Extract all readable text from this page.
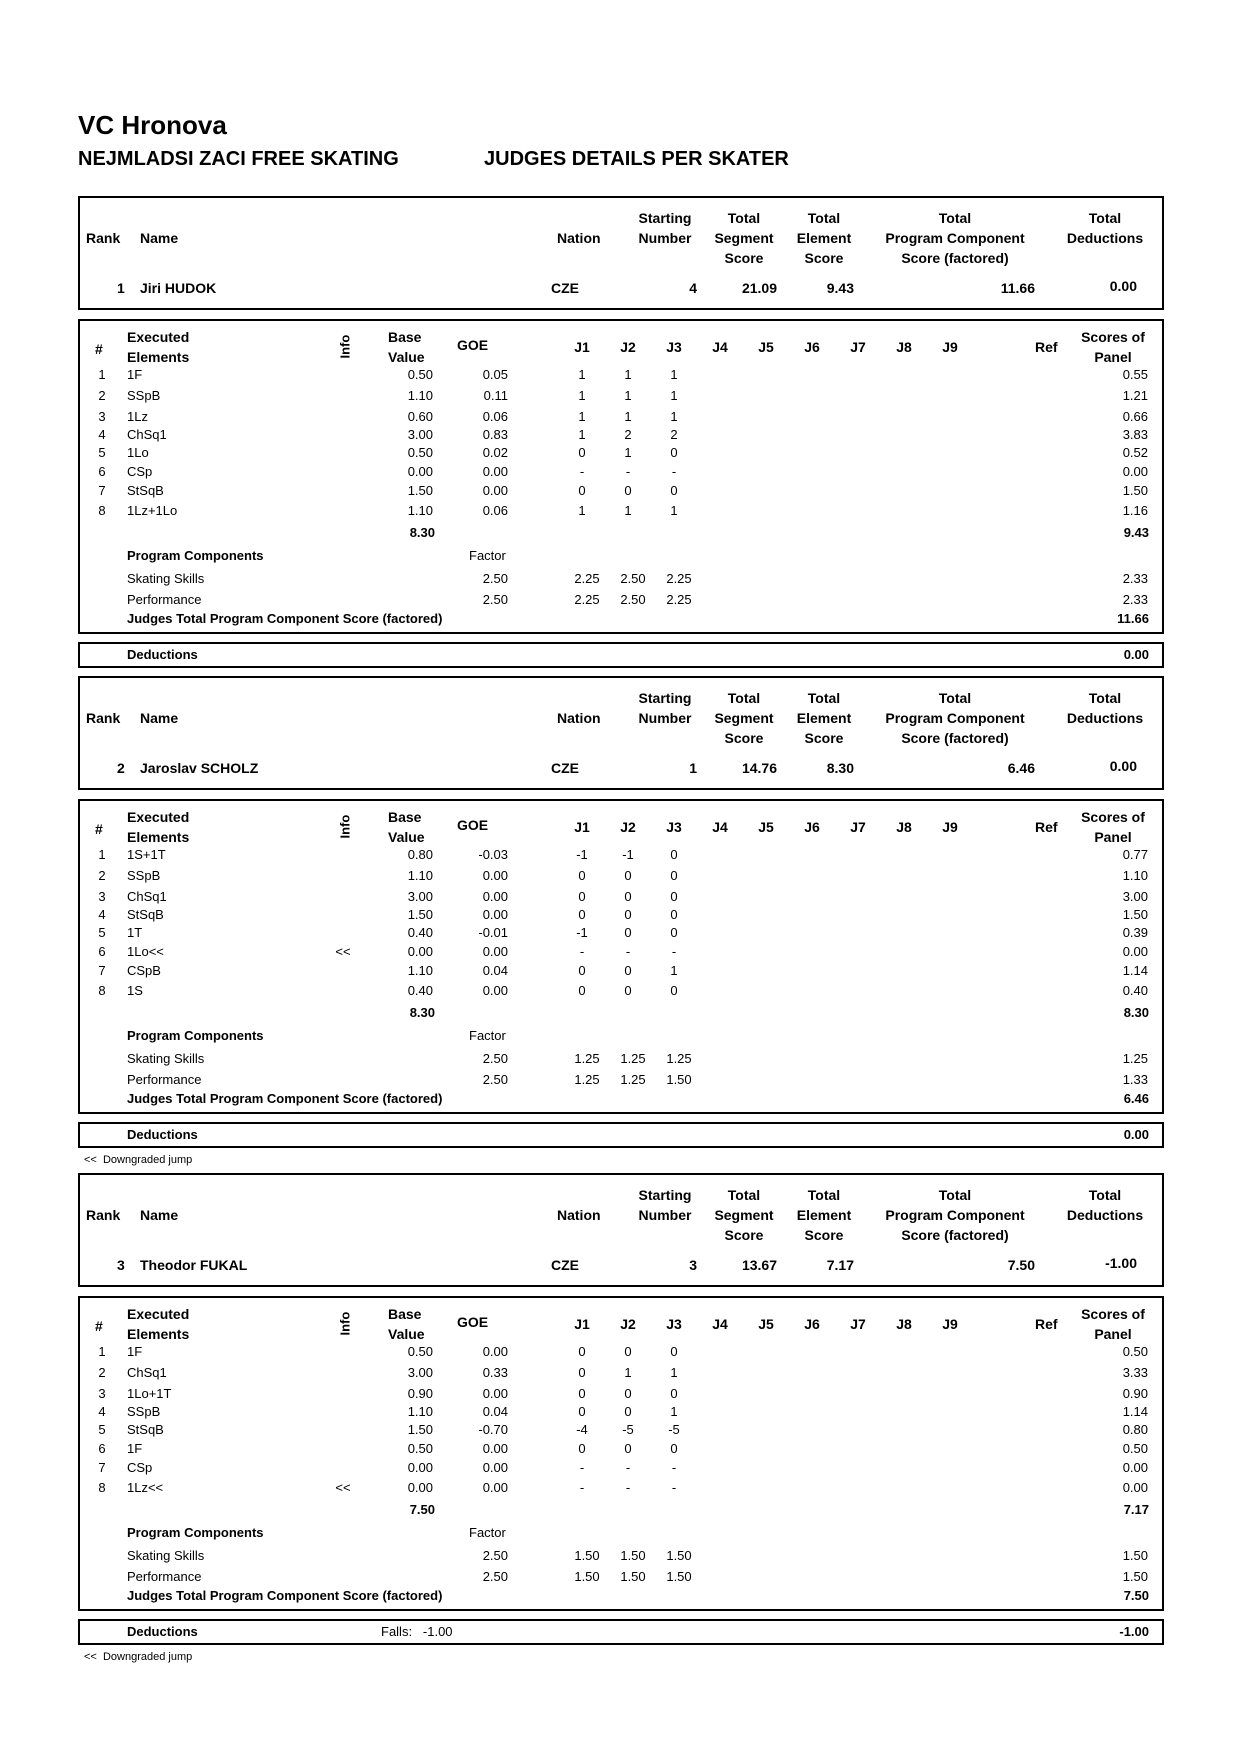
VC Hronova
NEJMLADSI ZACI FREE SKATING	JUDGES DETAILS PER SKATER
Rank Name	Nation
Starting
Number
Total
Segment
Score
Total
Element
Score
Total
Program Component
Score (factored)
Total
Deductions
1 Jiri HUDOK	CZE	4	21.09	9.43	11.66	0.00
#
Executed
Elements	Info	Base
Value
GOE	J1	J2	J3	J4	J5	J6	J7	J8	J9	Ref
Scores of
Panel
1	1F	0.50	0.05	1	1	1	0.55
2	SSpB	1.10	0.11	1	1	1	1.21
3	1Lz	0.60	0.06	1	1	1	0.66
4	ChSq1	3.00	0.83	1	2	2	3.83
5	1Lo	0.50	0.02	0	1	0	0.52
6	CSp	0.00	0.00	-	-	-	0.00
7	StSqB	1.50	0.00	0	0	0	1.50
8	1Lz+1Lo	1.10	0.06	1	1	1	1.16
8.30	9.43
Program Components	Factor
Skating Skills	2.50	2.25	2.50	2.25	2.33
Performance	2.50	2.25	2.50	2.25	2.33
Judges Total Program Component Score (factored)	11.66
Deductions	0.00
Rank Name	Nation
Starting
Number
Total
Segment
Score
Total
Element
Score
Total
Program Component
Score (factored)
Total
Deductions
2 Jaroslav SCHOLZ	CZE	1	14.76	8.30	6.46	0.00
#
Executed
Elements	Info	Base
Value
GOE	J1	J2	J3	J4	J5	J6	J7	J8	J9	Ref
Scores of
Panel
1	1S+1T	0.80	-0.03	-1	-1	0	0.77
2	SSpB	1.10	0.00	0	0	0	1.10
3	ChSq1	3.00	0.00	0	0	0	3.00
4	StSqB	1.50	0.00	0	0	0	1.50
5	1T	0.40	-0.01	-1	0	0	0.39
6	1Lo<<	<<	0.00	0.00	-	-	-	0.00
7	CSpB	1.10	0.04	0	0	1	1.14
8	1S	0.40	0.00	0	0	0	0.40
8.30	8.30
Program Components	Factor
Skating Skills	2.50	1.25	1.25	1.25	1.25
Performance	2.50	1.25	1.25	1.50	1.33
Judges Total Program Component Score (factored)	6.46
Deductions	0.00
<<  Downgraded jump
Rank Name	Nation
Starting
Number
Total
Segment
Score
Total
Element
Score
Total
Program Component
Score (factored)
Total
Deductions
3 Theodor FUKAL	CZE	3	13.67	7.17	7.50	-1.00
#
Executed
Elements	Info	Base
Value
GOE	J1	J2	J3	J4	J5	J6	J7	J8	J9	Ref
Scores of
Panel
1	1F	0.50	0.00	0	0	0	0.50
2	ChSq1	3.00	0.33	0	1	1	3.33
3	1Lo+1T	0.90	0.00	0	0	0	0.90
4	SSpB	1.10	0.04	0	0	1	1.14
5	StSqB	1.50	-0.70	-4	-5	-5	0.80
6	1F	0.50	0.00	0	0	0	0.50
7	CSp	0.00	0.00	-	-	-	0.00
8	1Lz<<	<<	0.00	0.00	-	-	-	0.00
7.50	7.17
Program Components	Factor
Skating Skills	2.50	1.50	1.50	1.50	1.50
Performance	2.50	1.50	1.50	1.50	1.50
Judges Total Program Component Score (factored)	7.50
Deductions	Falls:   -1.00	-1.00
<<  Downgraded jump
